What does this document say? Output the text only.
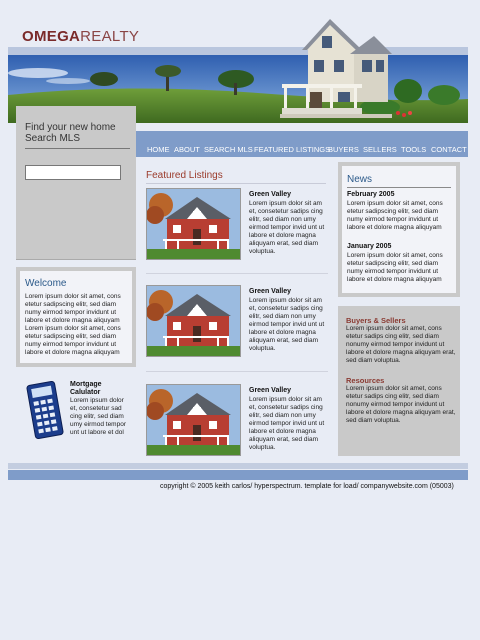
OMEGAREALTY
HOME ABOUT SEARCH MLS FEATURED LISTINGS
BUYERS SELLERS TOOLS CONTACT
Find your new home
Search MLS
Welcome
Lorem ipsum dolor sit amet, cons etetur sadipscing elitr, sed diam numy eirmod tempor invidunt ut labore et dolore magna aliquyam Lorem ipsum dolor sit amet, cons etetur sadipscing elitr, sed diam numy eirmod tempor invidunt ut labore et dolore magna aliquyam
Mortgage Calulator
Lorem ipsum dolor et, consetetur sad cing elitr, sed diam umy eirmod tempor unt ut labore et dol
Featured Listings
Green Valley
Lorem ipsum dolor sit am et, consetetur sadips cing elitr, sed diam non umy eirmod tempor invid unt ut labore et dolore magna aliquyam erat, sed diam voluptua.
Green Valley
Lorem ipsum dolor sit am et, consetetur sadips cing elitr, sed diam non umy eirmod tempor invid unt ut labore et dolore magna aliquyam erat, sed diam voluptua.
Green Valley
Lorem ipsum dolor sit am et, consetetur sadips cing elitr, sed diam non umy eirmod tempor invid unt ut labore et dolore magna aliquyam erat, sed diam voluptua.
News
February 2005
Lorem ipsum dolor sit amet, cons etetur sadipscing elitr, sed diam numy eirmod tempor invidunt ut labore et dolore magna aliquyam
January 2005
Lorem ipsum dolor sit amet, cons etetur sadipscing elitr, sed diam numy eirmod tempor invidunt ut labore et dolore magna aliquyam
Buyers & Sellers
Lorem ipsum dolor sit amet, cons etetur sadips cing elitr, sed diam nonumy eirmod tempor invidunt ut labore et dolore magna aliquyam erat, sed diam voluptua.
Resources
Lorem ipsum dolor sit amet, cons etetur sadips cing elitr, sed diam nonumy eirmod tempor invidunt ut labore et dolore magna aliquyam erat, sed diam voluptua.
copyright © 2005 keith carlos/ hyperspectrum. template for load/ companywebsite.com (05003)
